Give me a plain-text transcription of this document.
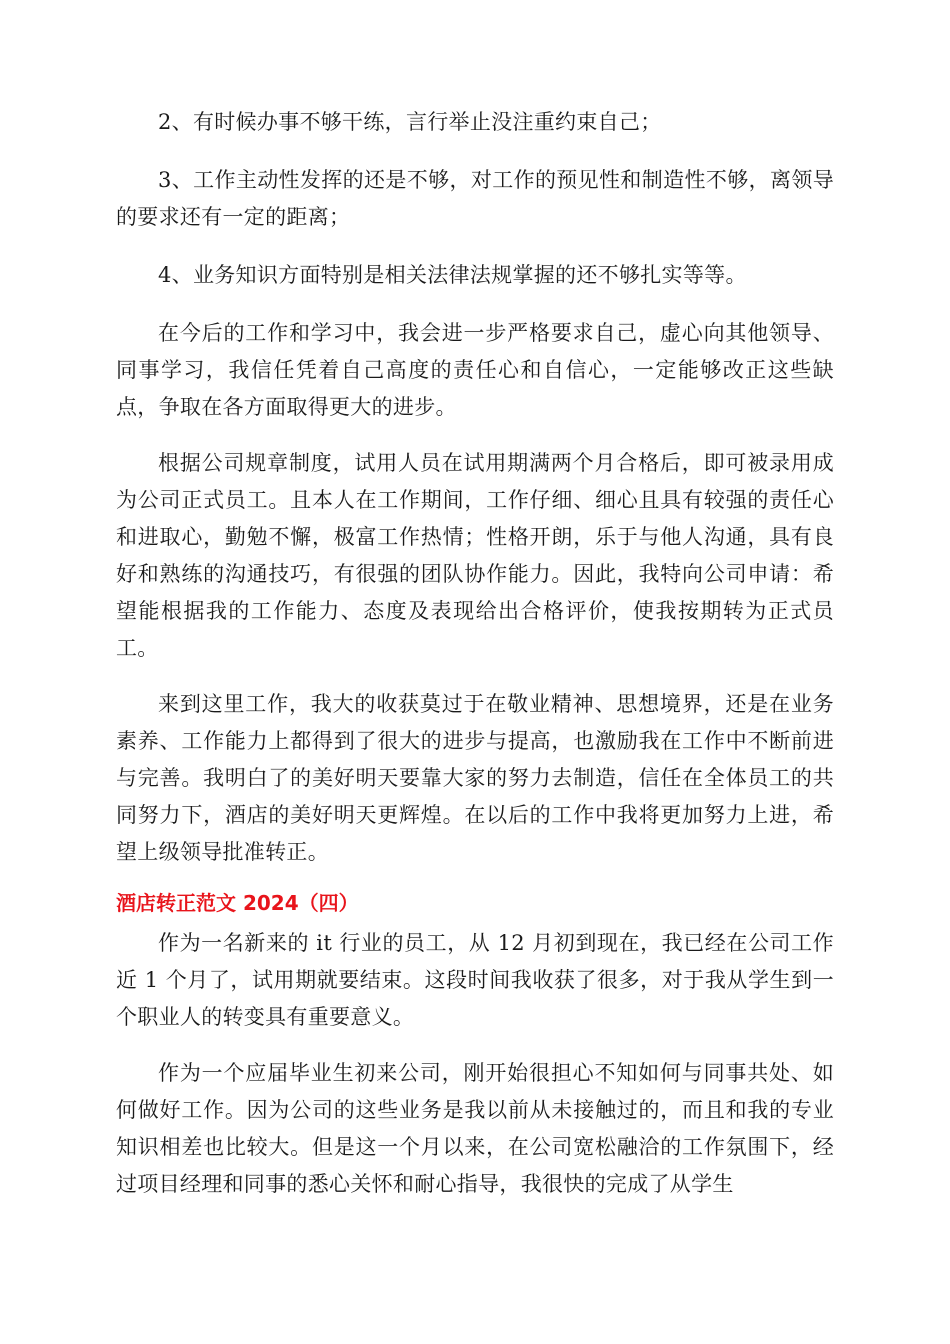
2、有时候办事不够干练，言行举止没注重约束自己；

3、工作主动性发挥的还是不够，对工作的预见性和制造性不够，离领导的要求还有一定的距离；

4、业务知识方面特别是相关法律法规掌握的还不够扎实等等。

在今后的工作和学习中，我会进一步严格要求自己，虚心向其他领导、同事学习，我信任凭着自己高度的责任心和自信心，一定能够改正这些缺点，争取在各方面取得更大的进步。

根据公司规章制度，试用人员在试用期满两个月合格后，即可被录用成为公司正式员工。且本人在工作期间，工作仔细、细心且具有较强的责任心和进取心，勤勉不懈，极富工作热情；性格开朗，乐于与他人沟通，具有良好和熟练的沟通技巧，有很强的团队协作能力。因此，我特向公司申请：希望能根据我的工作能力、态度及表现给出合格评价，使我按期转为正式员工。

来到这里工作，我大的收获莫过于在敬业精神、思想境界，还是在业务素养、工作能力上都得到了很大的进步与提高，也激励我在工作中不断前进与完善。我明白了的美好明天要靠大家的努力去制造，信任在全体员工的共同努力下，酒店的美好明天更辉煌。在以后的工作中我将更加努力上进，希望上级领导批准转正。

酒店转正范文 2024（四）

作为一名新来的 it 行业的员工，从 12 月初到现在，我已经在公司工作近 1 个月了，试用期就要结束。这段时间我收获了很多，对于我从学生到一个职业人的转变具有重要意义。

作为一个应届毕业生初来公司，刚开始很担心不知如何与同事共处、如何做好工作。因为公司的这些业务是我以前从未接触过的，而且和我的专业知识相差也比较大。但是这一个月以来，在公司宽松融洽的工作氛围下，经过项目经理和同事的悉心关怀和耐心指导，我很快的完成了从学生
